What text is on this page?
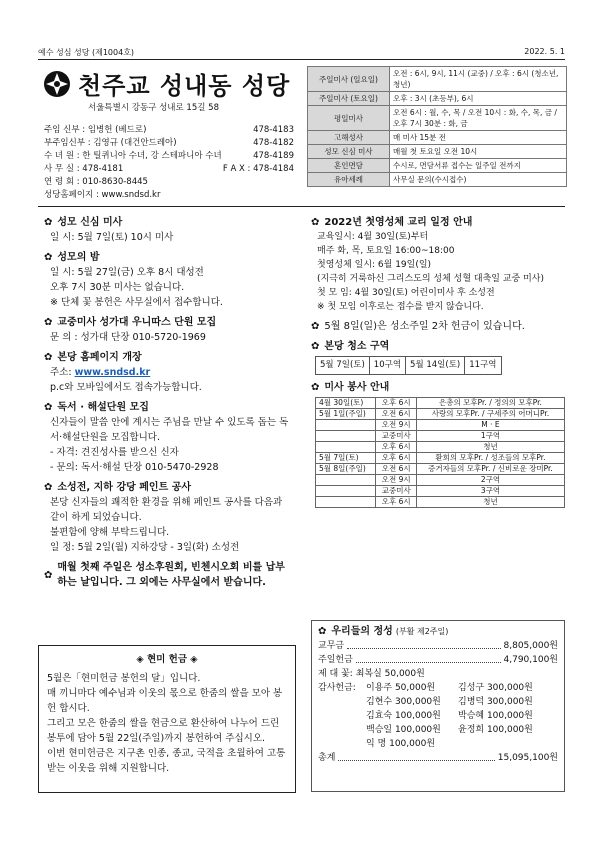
예수 성심 성당 (제1004호)	2022. 5. 1
천주교 성내동 성당
서울특별시 강동구 성내로 15길 58
주임 신부 : 임병헌 (베드로)	478-4183
부주임신부 : 김영규 (대건안드레아)	478-4182
수 녀 원 : 한 틸퀴니아 수녀, 강 스테파니아 수녀	478-4189
사 무 실 : 478-4181	F A X : 478-4184
연 령 회 : 010-8630-8445
성당홈페이지 : www.sndsd.kr
주일미사 (일요일)	오전 : 6시, 9시, 11시 (교중) / 오후 : 6시 (청소년, 청년)
주일미사 (토요일)	오후 : 3시 (초등부), 6시
평일미사	오전 6시 : 월, 수, 목 / 오전 10시 : 화, 수, 목, 금 / 오후 7시 30분 : 화, 금
고해성사	매 미사 15분 전
성모 신심 미사	매월 첫 토요일 오전 10시
혼인면담	수시로, 면담서류 접수는 일주일 전까지
유아세례	사무실 문의(수시접수)
✿ 성모 신심 미사
일 시: 5월 7일(토) 10시 미사
✿ 성모의 밤
일 시: 5월 27일(금) 오후 8시 대성전
오후 7시 30분 미사는 없습니다.
※ 단체 꽃 봉헌은 사무실에서 접수합니다.
✿ 교중미사 성가대 우니따스 단원 모집
문 의 : 성가대 단장 010-5720-1969
✿ 본당 홈페이지 개장
주소: www.sndsd.kr
p.c와 모바일에서도 접속가능합니다.
✿ 독서 · 해설단원 모집
신자들이 말씀 안에 계시는 주님을 만날 수 있도록 돕는 독서·해설단원을 모집합니다.
- 자격: 견진성사를 받으신 신자
- 문의: 독서·해설 단장 010-5470-2928
✿ 소성전, 지하 강당 페인트 공사
본당 신자들의 쾌적한 환경을 위해 페인트 공사를 다음과 같이 하게 되었습니다.
불편함에 양해 부탁드립니다.
일 정: 5월 2일(월) 지하강당 - 3일(화) 소성전
✿
매월 첫째 주일은 성소후원회, 빈첸시오회 비를 납부하는 날입니다. 그 외에는 사무실에서 받습니다.
◈ 현미 헌금 ◈
5월은「현미헌금 봉헌의 달」입니다.
매 끼니마다 예수님과 이웃의 몫으로 한줌의 쌀을 모아 봉헌 합시다.
그리고 모은 한줌의 쌀을 현금으로 환산하여 나누어 드린 봉투에 담아 5월 22일(주일)까지 봉헌하여 주십시오.
이번 현미헌금은 지구촌 인종, 종교, 국적을 초월하여 고통 받는 이웃을 위해 지원합니다.
✿ 2022년 첫영성체 교리 일정 안내
교육일시: 4월 30일(토)부터
매주 화, 목, 토요일 16:00~18:00
첫영성체 일시: 6월 19일(일)
(지극히 거룩하신 그리스도의 성체 성혈 대축일 교중 미사)
첫 모 임: 4월 30일(토) 어린이미사 후 소성전
※ 첫 모임 이후로는 접수를 받지 않습니다.
✿ 5월 8일(일)은 성소주일 2차 헌금이 있습니다.
✿ 본당 청소 구역
5월 7일(토)	10구역	5월 14일(토)	11구역
✿ 미사 봉사 안내
4월 30일(토)	오후 6시	은총의 모후Pr. / 정의의 모후Pr.
5월 1일(주일)	오전 6시	사랑의 모후Pr. / 구세주의 어머니Pr.
	오전 9시	M · E
	교중미사	1구역
	오후 6시	청년
5월 7일(토)	오후 6시	환희의 모후Pr. / 성조들의 모후Pr.
5월 8일(주일)	오전 6시	증거자들의 모후Pr. / 신비로운 장미Pr.
	오전 9시	2구역
	교중미사	3구역
	오후 6시	청년
✿ 우리들의 정성 (부활 제2주일)
교무금	8,805,000원
주일헌금	4,790,100원
제 대 꽃: 최복실 50,000원
감사헌금:	이용주 50,000원	김성구 300,000원
김현수 300,000원	김병덕 300,000원
김효숙 100,000원	박승혜 100,000원
백승일 100,000원	윤정희 100,000원
익 명 100,000원
총계	15,095,100원
